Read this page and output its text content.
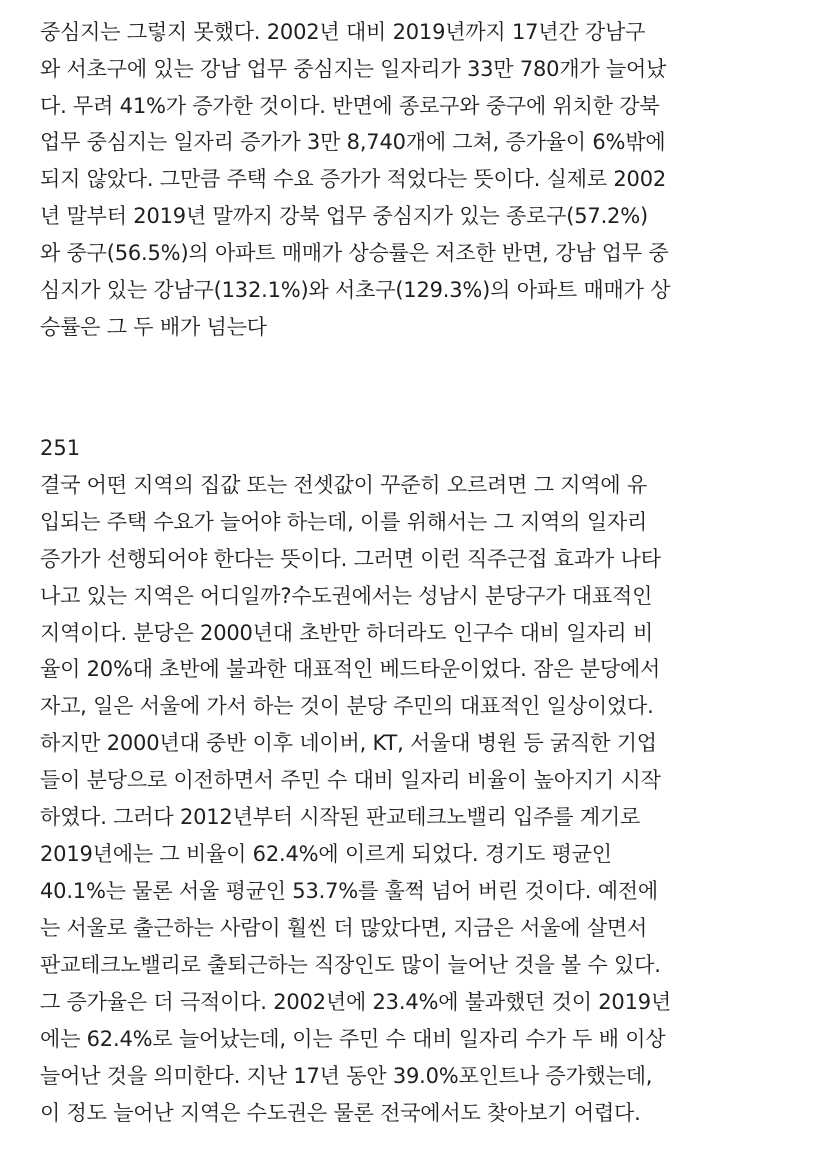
중심지는 그렇지 못했다. 2002년 대비 2019년까지 17년간 강남구

와 서초구에 있는 강남 업무 중심지는 일자리가 33만 780개가 늘어났

다. 무려 41%가 증가한 것이다. 반면에 종로구와 중구에 위치한 강북

업무 중심지는 일자리 증가가 3만 8,740개에 그쳐, 증가율이 6%밖에

되지 않았다. 그만큼 주택 수요 증가가 적었다는 뜻이다. 실제로 2002

년 말부터 2019년 말까지 강북 업무 중심지가 있는 종로구(57.2%)

와 중구(56.5%)의 아파트 매매가 상승률은 저조한 반면, 강남 업무 중

심지가 있는 강남구(132.1%)와 서초구(129.3%)의 아파트 매매가 상

승률은 그 두 배가 넘는다

251

결국 어떤 지역의 집값 또는 전셋값이 꾸준히 오르려면 그 지역에 유

입되는 주택 수요가 늘어야 하는데, 이를 위해서는 그 지역의 일자리

증가가 선행되어야 한다는 뜻이다. 그러면 이런 직주근접 효과가 나타

나고 있는 지역은 어디일까?수도권에서는 성남시 분당구가 대표적인

지역이다. 분당은 2000년대 초반만 하더라도 인구수 대비 일자리 비

율이 20%대 초반에 불과한 대표적인 베드타운이었다. 잠은 분당에서

자고, 일은 서울에 가서 하는 것이 분당 주민의 대표적인 일상이었다.

하지만 2000년대 중반 이후 네이버, KT, 서울대 병원 등 굵직한 기업

들이 분당으로 이전하면서 주민 수 대비 일자리 비율이 높아지기 시작

하였다. 그러다 2012년부터 시작된 판교테크노밸리 입주를 계기로

2019년에는 그 비율이 62.4%에 이르게 되었다. 경기도 평균인

40.1%는 물론 서울 평균인 53.7%를 훌쩍 넘어 버린 것이다. 예전에

는 서울로 출근하는 사람이 훨씬 더 많았다면, 지금은 서울에 살면서

판교테크노밸리로 출퇴근하는 직장인도 많이 늘어난 것을 볼 수 있다.

그 증가율은 더 극적이다. 2002년에 23.4%에 불과했던 것이 2019년

에는 62.4%로 늘어났는데, 이는 주민 수 대비 일자리 수가 두 배 이상

늘어난 것을 의미한다. 지난 17년 동안 39.0%포인트나 증가했는데,

이 정도 늘어난 지역은 수도권은 물론 전국에서도 찾아보기 어렵다.
